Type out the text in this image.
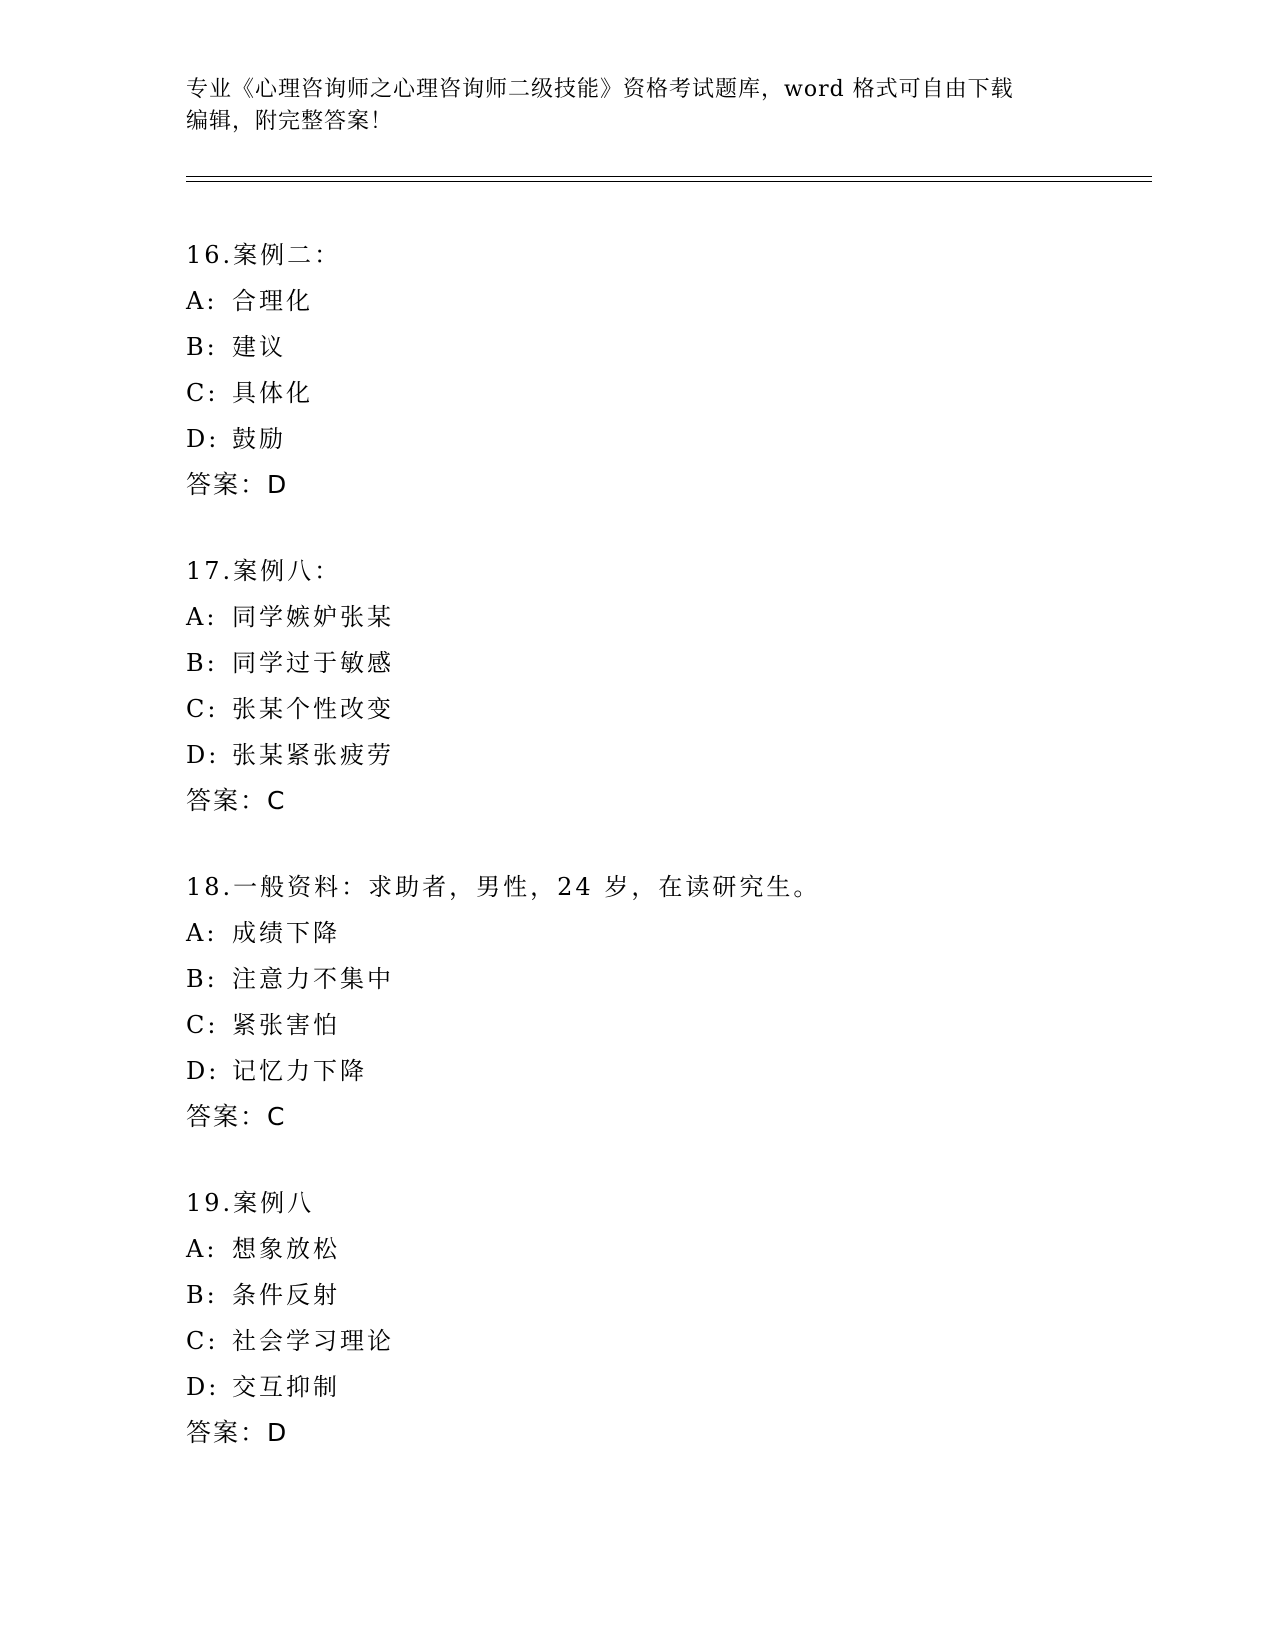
专业《心理咨询师之心理咨询师二级技能》资格考试题库，word 格式可自由下载
编辑，附完整答案！
16.案例二：
A: 合理化
B: 建议
C: 具体化
D: 鼓励
答案：D
17.案例八：
A: 同学嫉妒张某
B: 同学过于敏感
C: 张某个性改变
D: 张某紧张疲劳
答案：C
18.一般资料：求助者，男性，24 岁，在读研究生。
A: 成绩下降
B: 注意力不集中
C: 紧张害怕
D: 记忆力下降
答案：C
19.案例八
A: 想象放松
B: 条件反射
C: 社会学习理论
D: 交互抑制
答案：D
